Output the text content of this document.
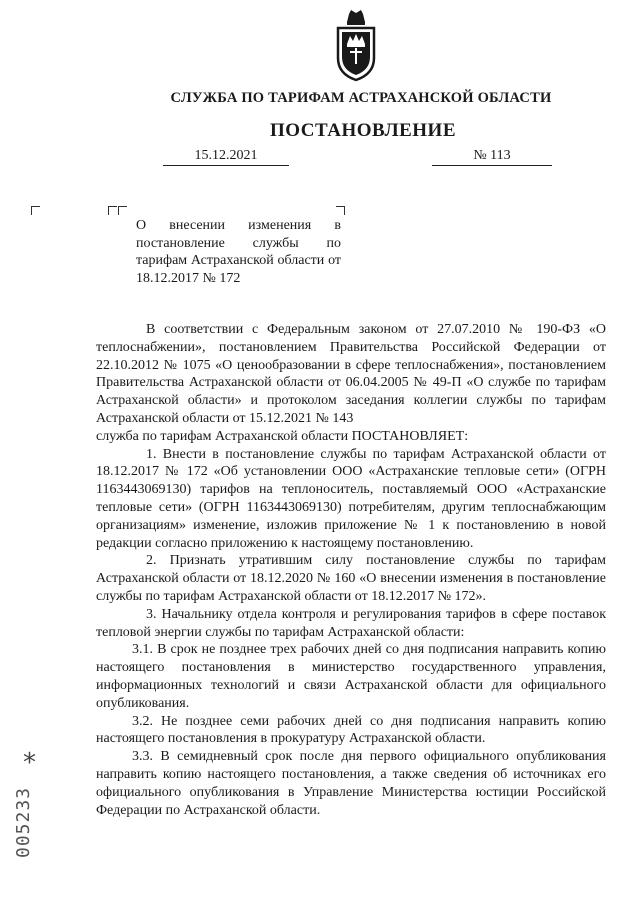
СЛУЖБА ПО ТАРИФАМ АСТРАХАНСКОЙ ОБЛАСТИ
ПОСТАНОВЛЕНИЕ
15.12.2021	№ 113
О внесении изменения в постановление службы по тарифам Астраханской области от 18.12.2017 № 172

В соответствии с Федеральным законом от 27.07.2010 № 190-ФЗ «О теплоснабжении», постановлением Правительства Российской Федерации от 22.10.2012 № 1075 «О ценообразовании в сфере теплоснабжения», постановлением Правительства Астраханской области от 06.04.2005 № 49-П «О службе по тарифам Астраханской области» и протоколом заседания коллегии службы по тарифам Астраханской области от 15.12.2021 № 143

служба по тарифам Астраханской области ПОСТАНОВЛЯЕТ:

1. Внести в постановление службы по тарифам Астраханской области от 18.12.2017 № 172 «Об установлении ООО «Астраханские тепловые сети» (ОГРН 1163443069130) тарифов на теплоноситель, поставляемый ООО «Астраханские тепловые сети» (ОГРН 1163443069130) потребителям, другим теплоснабжающим организациям» изменение, изложив приложение № 1 к постановлению в новой редакции согласно приложению к настоящему постановлению.

2. Признать утратившим силу постановление службы по тарифам Астраханской области от 18.12.2020 № 160 «О внесении изменения в постановление службы по тарифам Астраханской области от 18.12.2017 № 172».

3. Начальнику отдела контроля и регулирования тарифов в сфере поставок тепловой энергии службы по тарифам Астраханской области:

3.1. В срок не позднее трех рабочих дней со дня подписания направить копию настоящего постановления в министерство государственного управления, информационных технологий и связи Астраханской области для официального опубликования.

3.2. Не позднее семи рабочих дней со дня подписания направить копию настоящего постановления в прокуратуру Астраханской области.

3.3. В семидневный срок после дня первого официального опубликования направить копию настоящего постановления, а также сведения об источниках его официального опубликования в Управление Министерства юстиции Российской Федерации по Астраханской области.

*
005233
